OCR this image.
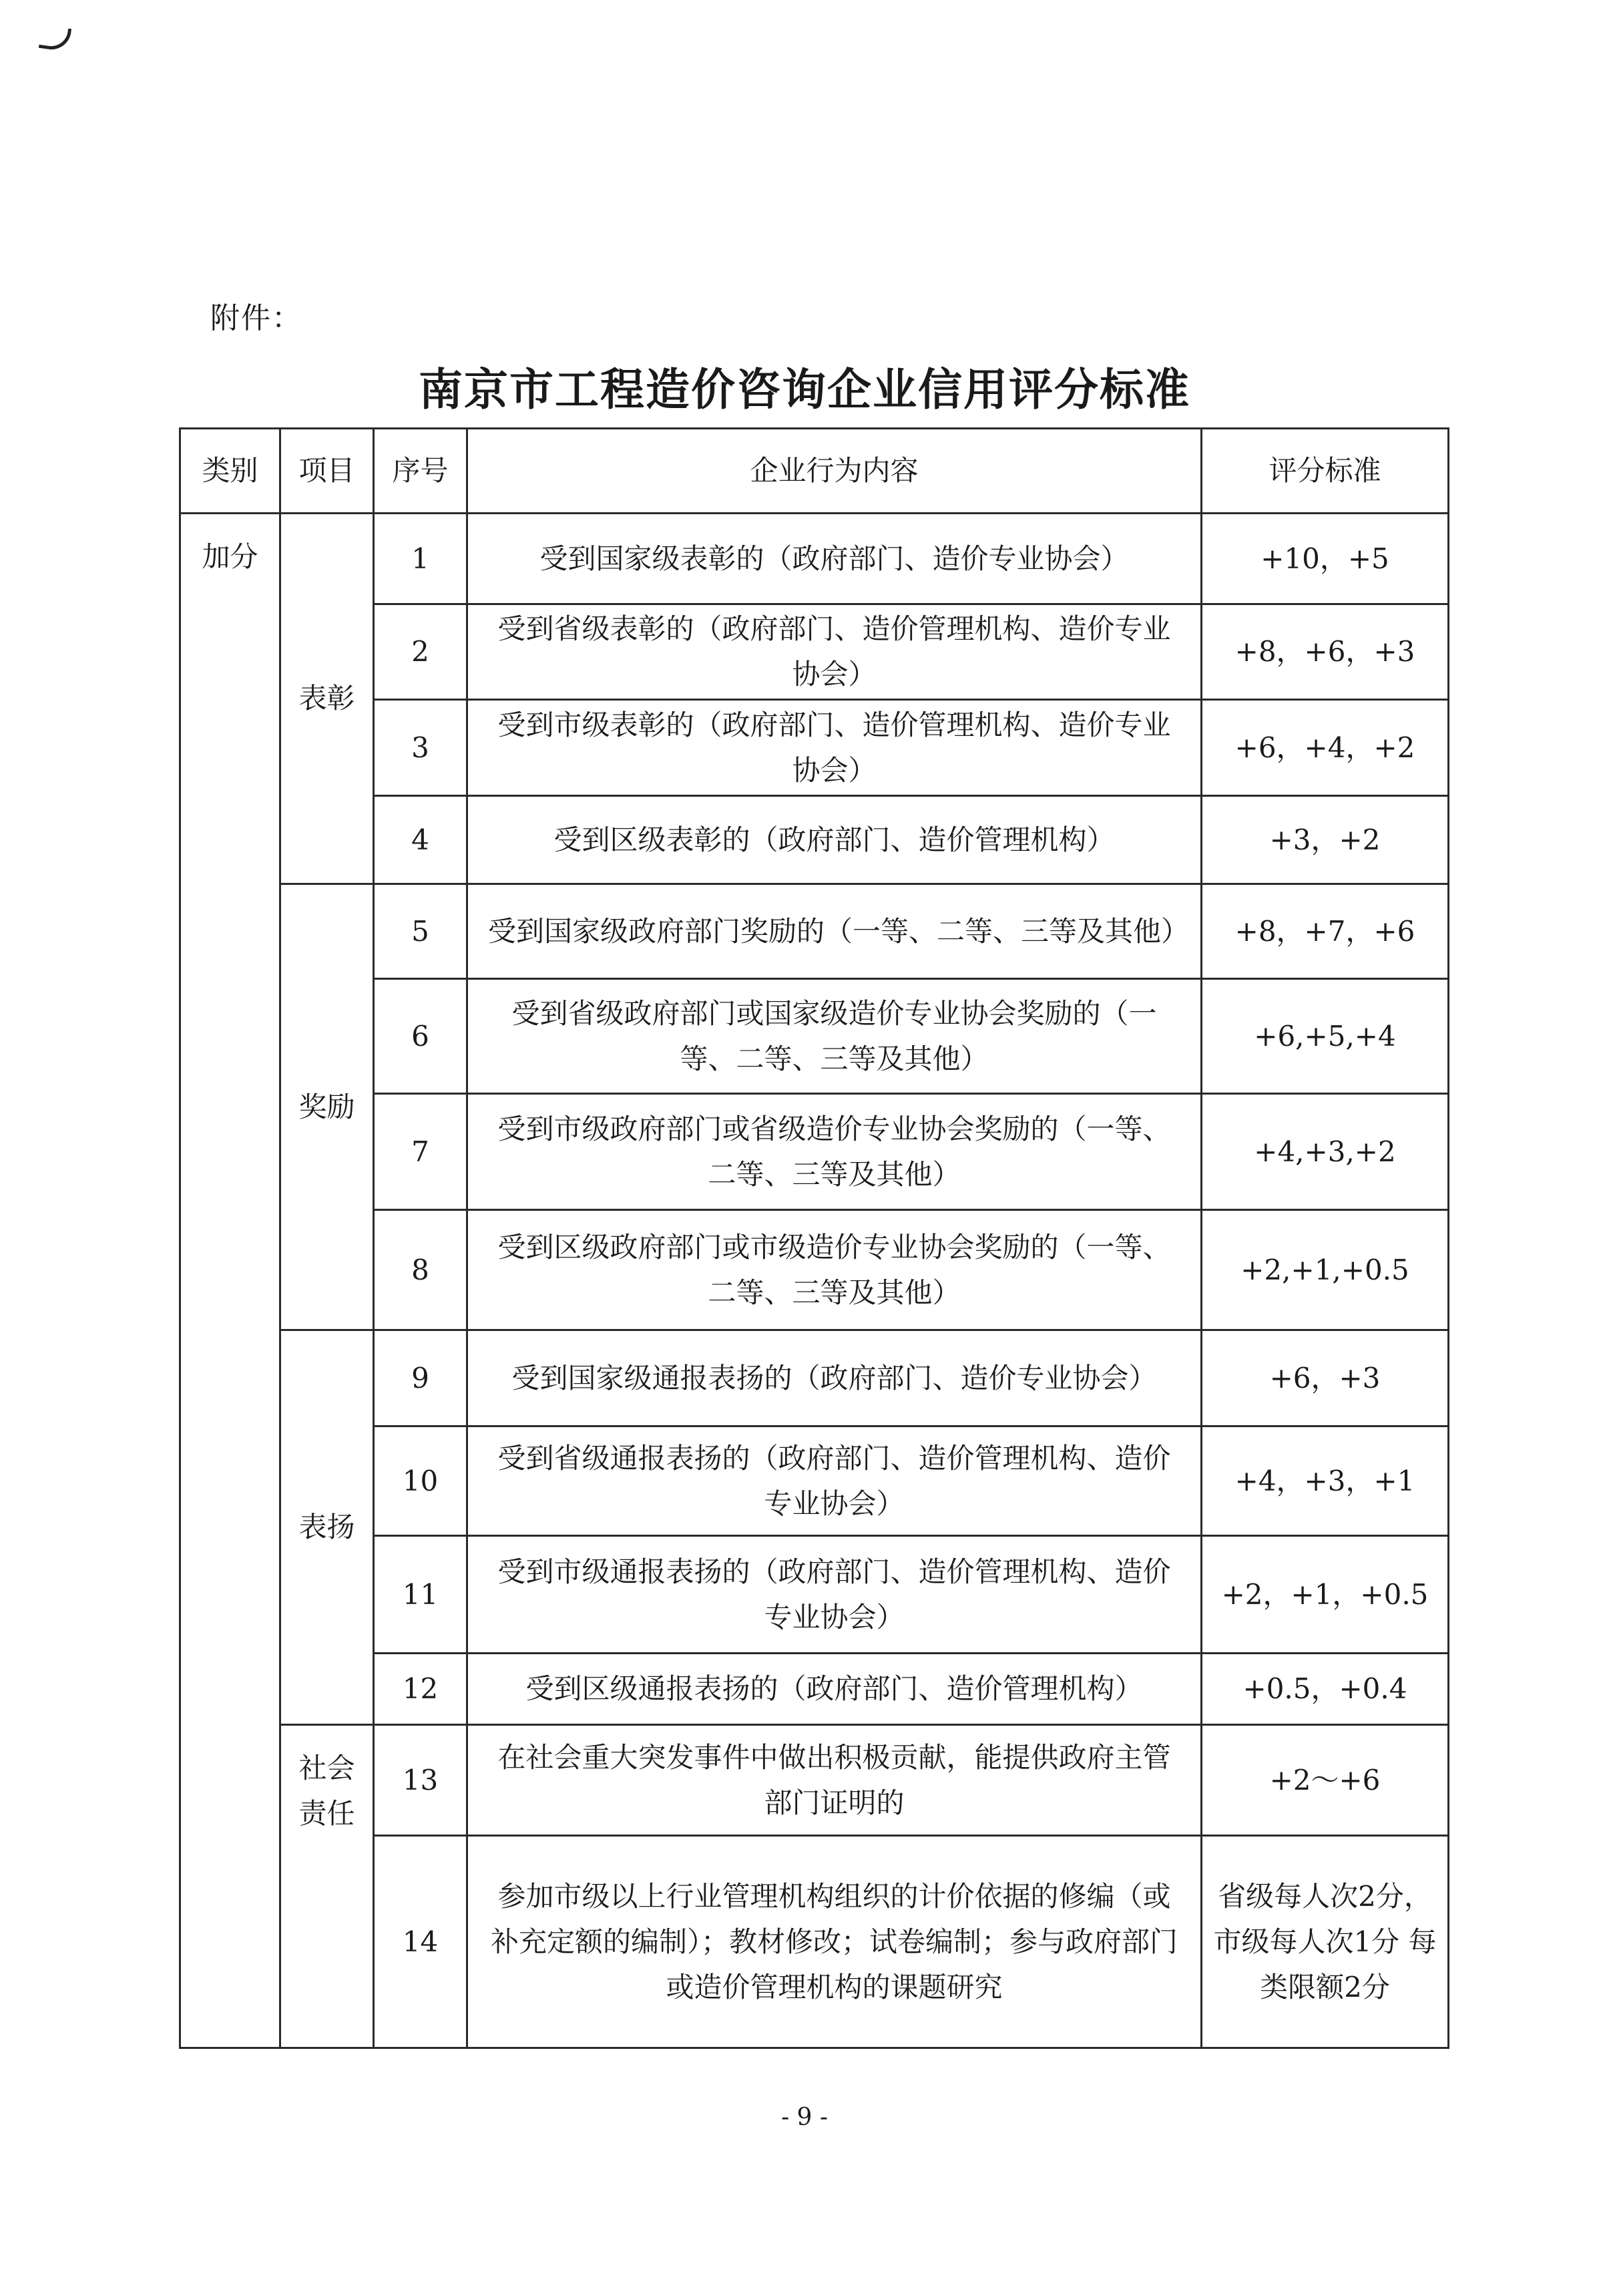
附件：
南京市工程造价咨询企业信用评分标准
类别	项目	序号	企业行为内容	评分标准
加分	表彰	1	受到国家级表彰的（政府部门、造价专业协会）	+10，+5
		2	受到省级表彰的（政府部门、造价管理机构、造价专业协会）	+8，+6，+3
		3	受到市级表彰的（政府部门、造价管理机构、造价专业协会）	+6，+4，+2
		4	受到区级表彰的（政府部门、造价管理机构）	+3，+2
	奖励	5	受到国家级政府部门奖励的（一等、二等、三等及其他）	+8，+7，+6
		6	受到省级政府部门或国家级造价专业协会奖励的（一等、二等、三等及其他）	+6,+5,+4
		7	受到市级政府部门或省级造价专业协会奖励的（一等、二等、三等及其他）	+4,+3,+2
		8	受到区级政府部门或市级造价专业协会奖励的（一等、二等、三等及其他）	+2,+1,+0.5
	表扬	9	受到国家级通报表扬的（政府部门、造价专业协会）	+6，+3
		10	受到省级通报表扬的（政府部门、造价管理机构、造价专业协会）	+4，+3，+1
		11	受到市级通报表扬的（政府部门、造价管理机构、造价专业协会）	+2，+1，+0.5
		12	受到区级通报表扬的（政府部门、造价管理机构）	+0.5，+0.4
	社会责任	13	在社会重大突发事件中做出积极贡献，能提供政府主管部门证明的	+2～+6
		14	参加市级以上行业管理机构组织的计价依据的修编（或补充定额的编制）；教材修改；试卷编制；参与政府部门或造价管理机构的课题研究	省级每人次2分，市级每人次1分 每类限额2分
- 9 -
